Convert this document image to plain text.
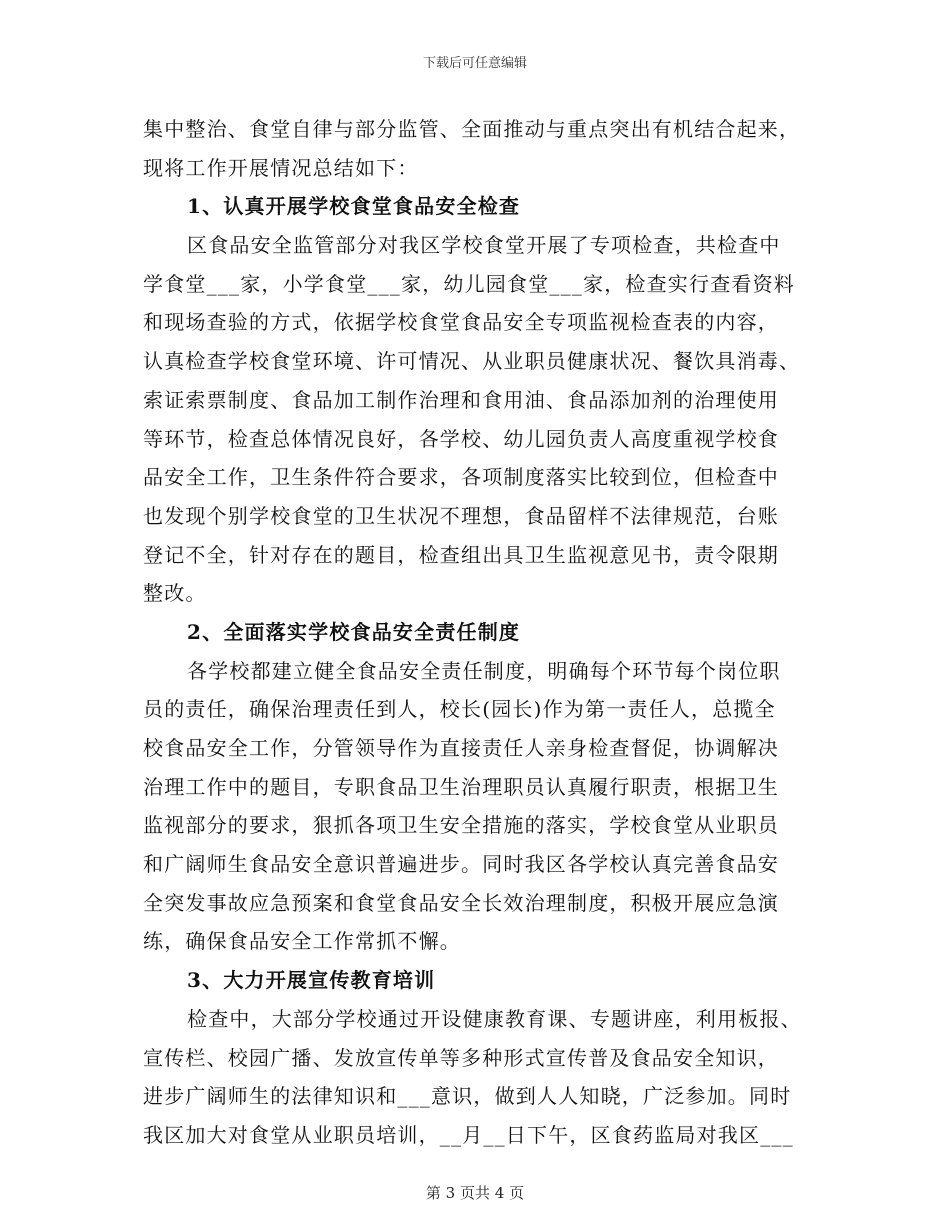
下载后可任意编辑
集中整治、食堂自律与部分监管、全面推动与重点突出有机结合起来，
现将工作开展情况总结如下：
1、认真开展学校食堂食品安全检查
区食品安全监管部分对我区学校食堂开展了专项检查，共检查中
学食堂___家，小学食堂___家，幼儿园食堂___家，检查实行查看资料
和现场查验的方式，依据学校食堂食品安全专项监视检查表的内容，
认真检查学校食堂环境、许可情况、从业职员健康状况、餐饮具消毒、
索证索票制度、食品加工制作治理和食用油、食品添加剂的治理使用
等环节，检查总体情况良好，各学校、幼儿园负责人高度重视学校食
品安全工作，卫生条件符合要求，各项制度落实比较到位，但检查中
也发现个别学校食堂的卫生状况不理想，食品留样不法律规范，台账
登记不全，针对存在的题目，检查组出具卫生监视意见书，责令限期
整改。
2、全面落实学校食品安全责任制度
各学校都建立健全食品安全责任制度，明确每个环节每个岗位职
员的责任，确保治理责任到人，校长(园长)作为第一责任人，总揽全
校食品安全工作，分管领导作为直接责任人亲身检查督促，协调解决
治理工作中的题目，专职食品卫生治理职员认真履行职责，根据卫生
监视部分的要求，狠抓各项卫生安全措施的落实，学校食堂从业职员
和广阔师生食品安全意识普遍进步。同时我区各学校认真完善食品安
全突发事故应急预案和食堂食品安全长效治理制度，积极开展应急演
练，确保食品安全工作常抓不懈。
3、大力开展宣传教育培训
检查中，大部分学校通过开设健康教育课、专题讲座，利用板报、
宣传栏、校园广播、发放宣传单等多种形式宣传普及食品安全知识，
进步广阔师生的法律知识和___意识，做到人人知晓，广泛参加。同时
我区加大对食堂从业职员培训，__月__日下午，区食药监局对我区___
第 3 页共 4 页
